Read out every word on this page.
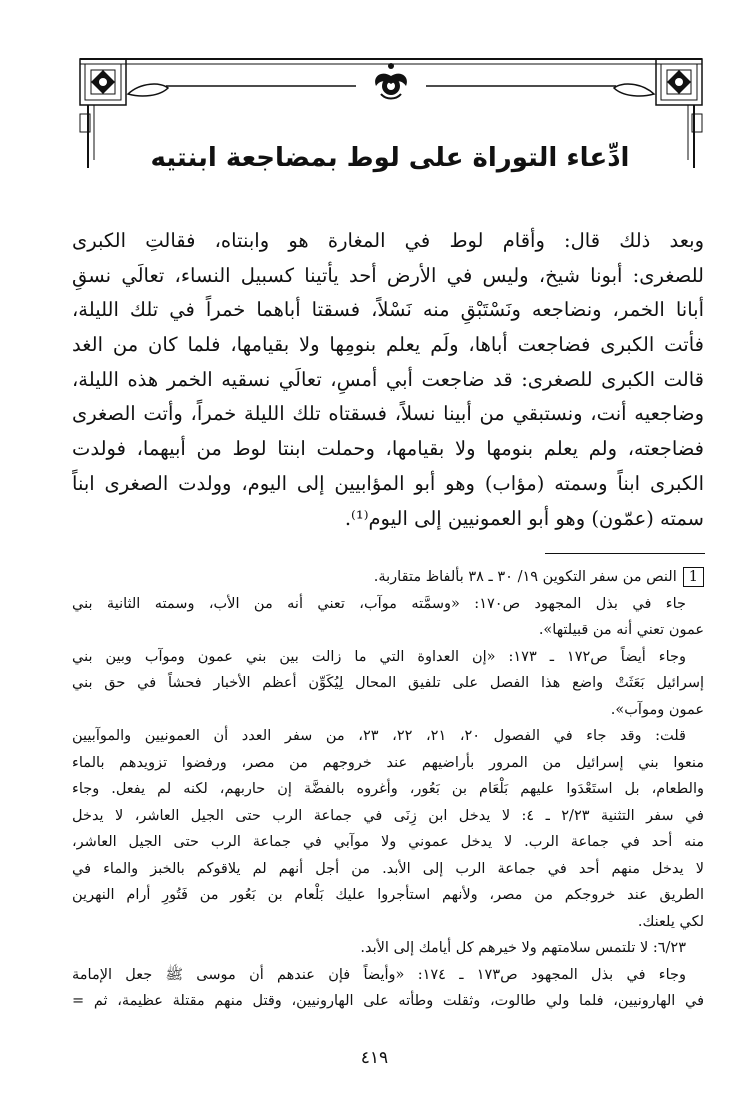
ادِّعاء التوراة على لوط بمضاجعة ابنتيه
وبعد ذلك قال: وأقام لوط في المغارة هو وابنتاه، فقالتِ الكبرى
للصغرى: أبونا شيخ، وليس في الأرض أحد يأتينا كسبيل النساء، تعالَي نسقِ
أبانا الخمر، ونضاجعه ونَسْتَبْقِ منه نَسْلاً، فسقتا أباهما خمراً في تلك الليلة،
فأتت الكبرى فضاجعت أباها، ولَم يعلم بنومِها ولا بقيامها، فلما كان من الغد
قالت الكبرى للصغرى: قد ضاجعت أبي أمسِ، تعالَي نسقيه الخمر هذه الليلة،
وضاجعيه أنت، ونستبقي من أبينا نسلاً، فسقتاه تلك الليلة خمراً، وأتت الصغرى
فضاجعته، ولم يعلم بنومها ولا بقيامها، وحملت ابنتا لوط من أبيهما، فولدت
الكبرى ابناً وسمته (مؤاب) وهو أبو المؤابيين إلى اليوم، وولدت الصغرى ابناً
سمته (عمّون) وهو أبو العمونيين إلى اليوم⁽¹⁾.
1النص من سفر التكوين ١٩/ ٣٠ ـ ٣٨ بألفاظ متقاربة.
جاء في بذل المجهود ص١٧٠: «وسمَّته موآب، تعني أنه من الأب، وسمته الثانية بني
عمون تعني أنه من قبيلتها».
وجاء أيضاً ص١٧٢ ـ ١٧٣: «إن العداوة التي ما زالت بين بني عمون وموآب وبين بني
إسرائيل بَعَثَتْ واضع هذا الفصل على تلفيق المحال لِيُكَوِّن أعظم الأخبار فحشاً في حق بني
عمون وموآب».
قلت: وقد جاء في الفصول ٢٠، ٢١، ٢٢، ٢٣، من سفر العدد أن العمونيين والموآبيين
منعوا بني إسرائيل من المرور بأراضيهم عند خروجهم من مصر، ورفضوا تزويدهم بالماء
والطعام، بل استَعْدَوا عليهم بَلْعَام بن بَعُور، وأغروه بالفضَّة إن حاربهم، لكنه لم يفعل. وجاء
في سفر التثنية ٢/٢٣ ـ ٤: لا يدخل ابن زِنَى في جماعة الرب حتى الجيل العاشر، لا يدخل
منه أحد في جماعة الرب. لا يدخل عموني ولا موآبي في جماعة الرب حتى الجيل العاشر،
لا يدخل منهم أحد في جماعة الرب إلى الأبد. من أجل أنهم لم يلاقوكم بالخبز والماء في
الطريق عند خروجكم من مصر، ولأنهم استأجروا عليك بَلْعام بن بَعُور من فَتُورِ أرام النهرين
لكي يلعنك.
٦/٢٣: لا تلتمس سلامتهم ولا خيرهم كل أيامك إلى الأبد.
وجاء في بذل المجهود ص١٧٣ ـ ١٧٤: «وأيضاً فإن عندهم أن موسى ﷺ جعل الإمامة
في الهارونيين، فلما ولي طالوت، وثقلت وطأته على الهارونيين، وقتل منهم مقتلة عظيمة، ثم =
٤١٩
